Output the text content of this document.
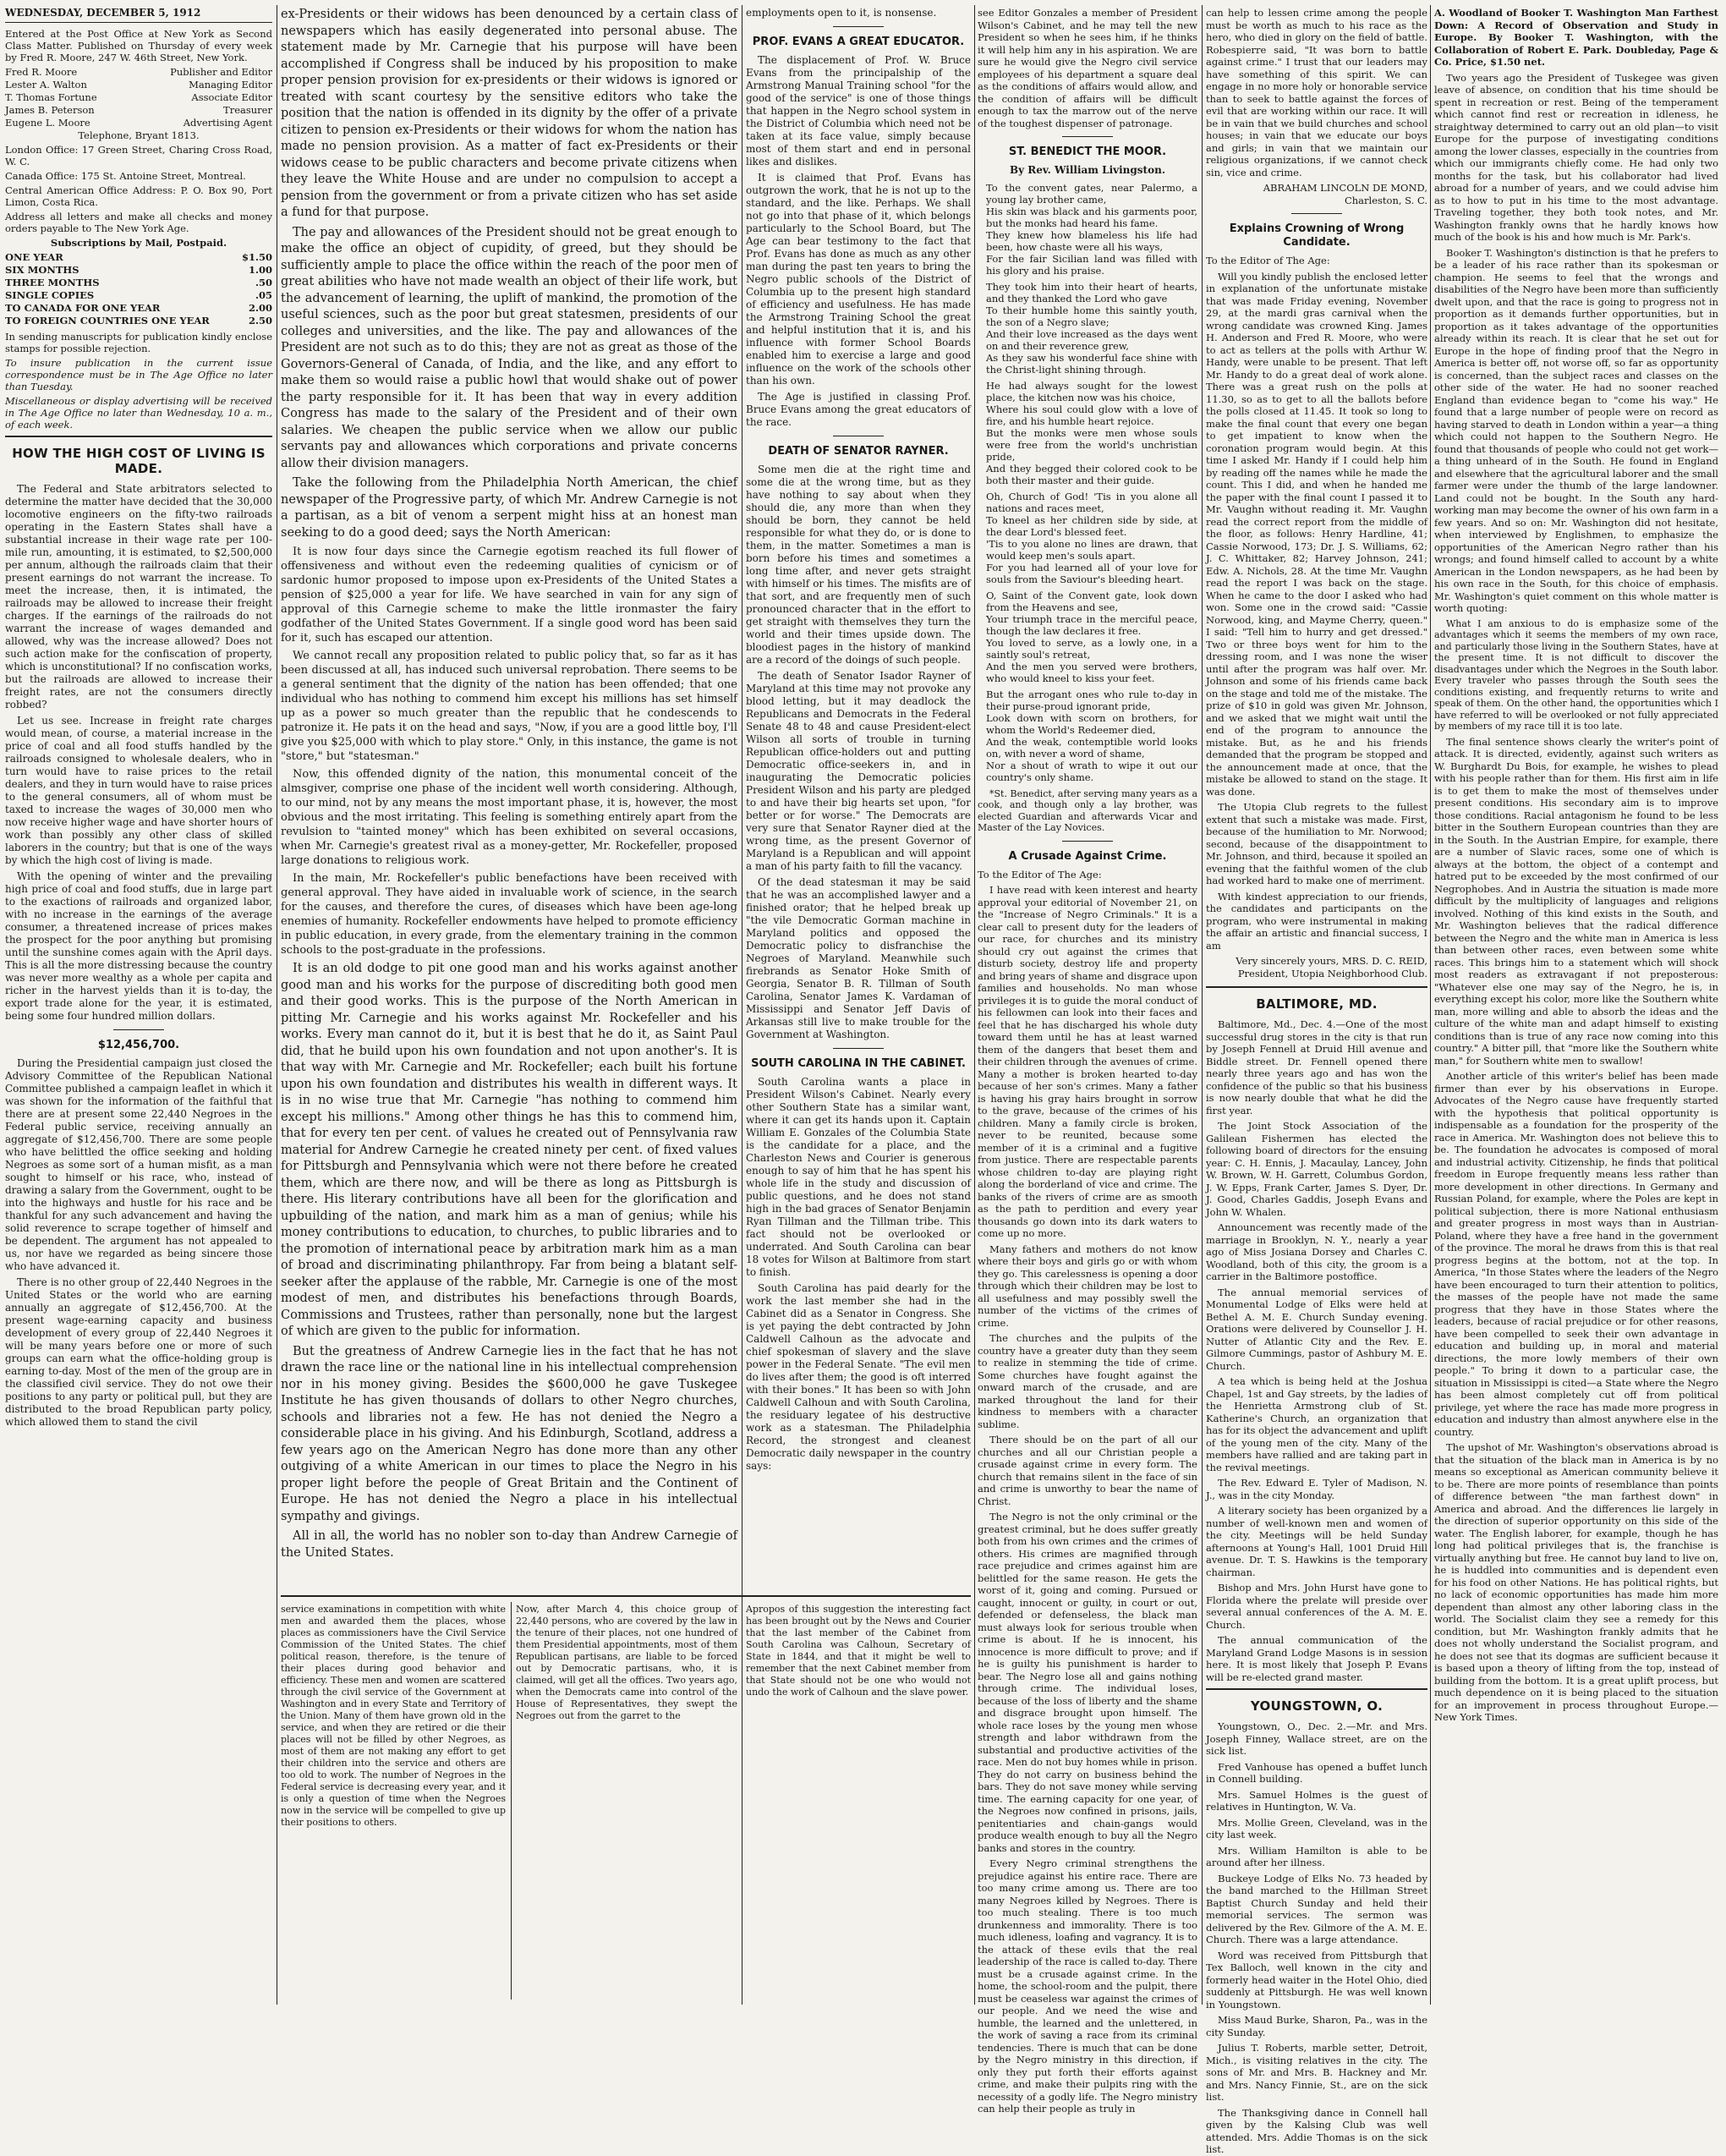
WEDNESDAY, DECEMBER 5, 1912

Entered at the Post Office at New York as Second Class Matter. Published on Thursday of every week by Fred R. Moore, 247 W. 46th Street, New York.

Fred R. Moore	Publisher and Editor
Lester A. Walton	Managing Editor
T. Thomas Fortune	Associate Editor
James B. Peterson	Treasurer
Eugene L. Moore	Advertising Agent

Telephone, Bryant 1813.

London Office: 17 Green Street, Charing Cross Road, W. C.

Canada Office: 175 St. Antoine Street, Montreal.

Central American Office Address: P. O. Box 90, Port Limon, Costa Rica.

Address all letters and make all checks and money orders payable to The New York Age.

Subscriptions by Mail, Postpaid.

ONE YEAR	$1.50
SIX MONTHS	1.00
THREE MONTHS	.50
SINGLE COPIES	.05
TO CANADA FOR ONE YEAR	2.00
TO FOREIGN COUNTRIES ONE YEAR	2.50

In sending manuscripts for publication kindly enclose stamps for possible rejection.

To insure publication in the current issue correspondence must be in The Age Office no later than Tuesday.

Miscellaneous or display advertising will be received in The Age Office no later than Wednesday, 10 a. m., of each week.

HOW THE HIGH COST OF LIVING IS MADE.

The Federal and State arbitrators selected to determine the matter have decided that the 30,000 locomotive engineers on the fifty-two railroads operating in the Eastern States shall have a substantial increase in their wage rate per 100-mile run, amounting, it is estimated, to $2,500,000 per annum, although the railroads claim that their present earnings do not warrant the increase. To meet the increase, then, it is intimated, the railroads may be allowed to increase their freight charges. If the earnings of the railroads do not warrant the increase of wages demanded and allowed, why was the increase allowed? Does not such action make for the confiscation of property, which is unconstitutional? If no confiscation works, but the railroads are allowed to increase their freight rates, are not the consumers directly robbed?

Let us see. Increase in freight rate charges would mean, of course, a material increase in the price of coal and all food stuffs handled by the railroads consigned to wholesale dealers, who in turn would have to raise prices to the retail dealers, and they in turn would have to raise prices to the general consumers, all of whom must be taxed to increase the wages of 30,000 men who now receive higher wage and have shorter hours of work than possibly any other class of skilled laborers in the country; but that is one of the ways by which the high cost of living is made.

With the opening of winter and the prevailing high price of coal and food stuffs, due in large part to the exactions of railroads and organized labor, with no increase in the earnings of the average consumer, a threatened increase of prices makes the prospect for the poor anything but promising until the sunshine comes again with the April days. This is all the more distressing because the country was never more wealthy as a whole per capita and richer in the harvest yields than it is to-day, the export trade alone for the year, it is estimated, being some four hundred million dollars.

$12,456,700.

During the Presidential campaign just closed the Advisory Committee of the Republican National Committee published a campaign leaflet in which it was shown for the information of the faithful that there are at present some 22,440 Negroes in the Federal public service, receiving annually an aggregate of $12,456,700. There are some people who have belittled the office seeking and holding Negroes as some sort of a human misfit, as a man sought to himself or his race, who, instead of drawing a salary from the Government, ought to be into the highways and hustle for his race and be thankful for any such advancement and having the solid reverence to scrape together of himself and be dependent. The argument has not appealed to us, nor have we regarded as being sincere those who have advanced it.

There is no other group of 22,440 Negroes in the United States or the world who are earning annually an aggregate of $12,456,700. At the present wage-earning capacity and business development of every group of 22,440 Negroes it will be many years before one or more of such groups can earn what the office-holding group is earning to-day. Most of the men of the group are in the classified civil service. They do not owe their positions to any party or political pull, but they are distributed to the broad Republican party policy, which allowed them to stand the civil

ex-Presidents or their widows has been denounced by a certain class of newspapers which has easily degenerated into personal abuse. The statement made by Mr. Carnegie that his purpose will have been accomplished if Congress shall be induced by his proposition to make proper pension provision for ex-presidents or their widows is ignored or treated with scant courtesy by the sensitive editors who take the position that the nation is offended in its dignity by the offer of a private citizen to pension ex-Presidents or their widows for whom the nation has made no pension provision. As a matter of fact ex-Presidents or their widows cease to be public characters and become private citizens when they leave the White House and are under no compulsion to accept a pension from the government or from a private citizen who has set aside a fund for that purpose.

The pay and allowances of the President should not be great enough to make the office an object of cupidity, of greed, but they should be sufficiently ample to place the office within the reach of the poor men of great abilities who have not made wealth an object of their life work, but the advancement of learning, the uplift of mankind, the promotion of the useful sciences, such as the poor but great statesmen, presidents of our colleges and universities, and the like. The pay and allowances of the President are not such as to do this; they are not as great as those of the Governors-General of Canada, of India, and the like, and any effort to make them so would raise a public howl that would shake out of power the party responsible for it. It has been that way in every addition Congress has made to the salary of the President and of their own salaries. We cheapen the public service when we allow our public servants pay and allowances which corporations and private concerns allow their division managers.

Take the following from the Philadelphia North American, the chief newspaper of the Progressive party, of which Mr. Andrew Carnegie is not a partisan, as a bit of venom a serpent might hiss at an honest man seeking to do a good deed; says the North American:

It is now four days since the Carnegie egotism reached its full flower of offensiveness and without even the redeeming qualities of cynicism or of sardonic humor proposed to impose upon ex-Presidents of the United States a pension of $25,000 a year for life. We have searched in vain for any sign of approval of this Carnegie scheme to make the little ironmaster the fairy godfather of the United States Government. If a single good word has been said for it, such has escaped our attention.

We cannot recall any proposition related to public policy that, so far as it has been discussed at all, has induced such universal reprobation. There seems to be a general sentiment that the dignity of the nation has been offended; that one individual who has nothing to commend him except his millions has set himself up as a power so much greater than the republic that he condescends to patronize it. He pats it on the head and says, "Now, if you are a good little boy, I'll give you $25,000 with which to play store." Only, in this instance, the game is not "store," but "statesman."

Now, this offended dignity of the nation, this monumental conceit of the almsgiver, comprise one phase of the incident well worth considering. Although, to our mind, not by any means the most important phase, it is, however, the most obvious and the most irritating. This feeling is something entirely apart from the revulsion to "tainted money" which has been exhibited on several occasions, when Mr. Carnegie's greatest rival as a money-getter, Mr. Rockefeller, proposed large donations to religious work.

In the main, Mr. Rockefeller's public benefactions have been received with general approval. They have aided in invaluable work of science, in the search for the causes, and therefore the cures, of diseases which have been age-long enemies of humanity. Rockefeller endowments have helped to promote efficiency in public education, in every grade, from the elementary training in the common schools to the post-graduate in the professions.

It is an old dodge to pit one good man and his works against another good man and his works for the purpose of discrediting both good men and their good works. This is the purpose of the North American in pitting Mr. Carnegie and his works against Mr. Rockefeller and his works. Every man cannot do it, but it is best that he do it, as Saint Paul did, that he build upon his own foundation and not upon another's. It is that way with Mr. Carnegie and Mr. Rockefeller; each built his fortune upon his own foundation and distributes his wealth in different ways. It is in no wise true that Mr. Carnegie "has nothing to commend him except his millions." Among other things he has this to commend him, that for every ten per cent. of values he created out of Pennsylvania raw material for Andrew Carnegie he created ninety per cent. of fixed values for Pittsburgh and Pennsylvania which were not there before he created them, which are there now, and will be there as long as Pittsburgh is there. His literary contributions have all been for the glorification and upbuilding of the nation, and mark him as a man of genius; while his money contributions to education, to churches, to public libraries and to the promotion of international peace by arbitration mark him as a man of broad and discriminating philanthropy. Far from being a blatant self-seeker after the applause of the rabble, Mr. Carnegie is one of the most modest of men, and distributes his benefactions through Boards, Commissions and Trustees, rather than personally, none but the largest of which are given to the public for information.

But the greatness of Andrew Carnegie lies in the fact that he has not drawn the race line or the national line in his intellectual comprehension nor in his money giving. Besides the $600,000 he gave Tuskegee Institute he has given thousands of dollars to other Negro churches, schools and libraries not a few. He has not denied the Negro a considerable place in his giving. And his Edinburgh, Scotland, address a few years ago on the American Negro has done more than any other outgiving of a white American in our times to place the Negro in his proper light before the people of Great Britain and the Continent of Europe. He has not denied the Negro a place in his intellectual sympathy and givings.

All in all, the world has no nobler son to-day than Andrew Carnegie of the United States.

service examinations in competition with white men and awarded them the places, whose places as commissioners have the Civil Service Commission of the United States. The chief political reason, therefore, is the tenure of their places during good behavior and efficiency. These men and women are scattered through the civil service of the Government at Washington and in every State and Territory of the Union. Many of them have grown old in the service, and when they are retired or die their places will not be filled by other Negroes, as most of them are not making any effort to get their children into the service and others are too old to work. The number of Negroes in the Federal service is decreasing every year, and it is only a question of time when the Negroes now in the service will be compelled to give up their positions to others.
Now, after March 4, this choice group of 22,440 persons, who are covered by the law in the tenure of their places, not one hundred of them Presidential appointments, most of them Republican partisans, are liable to be forced out by Democratic partisans, who, it is claimed, will get all the offices. Two years ago, when the Democrats came into control of the House of Representatives, they swept the Negroes out from the garret to the

employments open to it, is nonsense.

PROF. EVANS A GREAT EDUCATOR.

The displacement of Prof. W. Bruce Evans from the principalship of the Armstrong Manual Training school "for the good of the service" is one of those things that happen in the Negro school system in the District of Columbia which need not be taken at its face value, simply because most of them start and end in personal likes and dislikes.

It is claimed that Prof. Evans has outgrown the work, that he is not up to the standard, and the like. Perhaps. We shall not go into that phase of it, which belongs particularly to the School Board, but The Age can bear testimony to the fact that Prof. Evans has done as much as any other man during the past ten years to bring the Negro public schools of the District of Columbia up to the present high standard of efficiency and usefulness. He has made the Armstrong Training School the great and helpful institution that it is, and his influence with former School Boards enabled him to exercise a large and good influence on the work of the schools other than his own.

The Age is justified in classing Prof. Bruce Evans among the great educators of the race.

DEATH OF SENATOR RAYNER.

Some men die at the right time and some die at the wrong time, but as they have nothing to say about when they should die, any more than when they should be born, they cannot be held responsible for what they do, or is done to them, in the matter. Sometimes a man is born before his times and sometimes a long time after, and never gets straight with himself or his times. The misfits are of that sort, and are frequently men of such pronounced character that in the effort to get straight with themselves they turn the world and their times upside down. The bloodiest pages in the history of mankind are a record of the doings of such people.

The death of Senator Isador Rayner of Maryland at this time may not provoke any blood letting, but it may deadlock the Republicans and Democrats in the Federal Senate 48 to 48 and cause President-elect Wilson all sorts of trouble in turning Republican office-holders out and putting Democratic office-seekers in, and in inaugurating the Democratic policies President Wilson and his party are pledged to and have their big hearts set upon, "for better or for worse." The Democrats are very sure that Senator Rayner died at the wrong time, as the present Governor of Maryland is a Republican and will appoint a man of his party faith to fill the vacancy.

Of the dead statesman it may be said that he was an accomplished lawyer and a finished orator; that he helped break up "the vile Democratic Gorman machine in Maryland politics and opposed the Democratic policy to disfranchise the Negroes of Maryland. Meanwhile such firebrands as Senator Hoke Smith of Georgia, Senator B. R. Tillman of South Carolina, Senator James K. Vardaman of Mississippi and Senator Jeff Davis of Arkansas still live to make trouble for the Government at Washington.

SOUTH CAROLINA IN THE CABINET.

South Carolina wants a place in President Wilson's Cabinet. Nearly every other Southern State has a similar want, where it can get its hands upon it. Captain William E. Gonzales of the Columbia State is the candidate for a place, and the Charleston News and Courier is generous enough to say of him that he has spent his whole life in the study and discussion of public questions, and he does not stand high in the bad graces of Senator Benjamin Ryan Tillman and the Tillman tribe. This fact should not be overlooked or underrated. And South Carolina can bear 18 votes for Wilson at Baltimore from start to finish.

South Carolina has paid dearly for the work the last member she had in the Cabinet did as a Senator in Congress. She is yet paying the debt contracted by John Caldwell Calhoun as the advocate and chief spokesman of slavery and the slave power in the Federal Senate. "The evil men do lives after them; the good is oft interred with their bones." It has been so with John Caldwell Calhoun and with South Carolina, the residuary legatee of his destructive work as a statesman. The Philadelphia Record, the strongest and cleanest Democratic daily newspaper in the country says:

Apropos of this suggestion the interesting fact has been brought out by the News and Courier that the last member of the Cabinet from South Carolina was Calhoun, Secretary of State in 1844, and that it might be well to remember that the next Cabinet member from that State should not be one who would not undo the work of Calhoun and the slave power.

see Editor Gonzales a member of President Wilson's Cabinet, and he may tell the new President so when he sees him, if he thinks it will help him any in his aspiration. We are sure he would give the Negro civil service employees of his department a square deal as the conditions of affairs would allow, and the condition of affairs will be difficult enough to tax the marrow out of the nerve of the toughest dispenser of patronage.

ST. BENEDICT THE MOOR.
By Rev. William Livingston.
To the convent gates, near Palermo, a young lay brother came,
His skin was black and his garments poor, but the monks had heard his fame.
They knew how blameless his life had been, how chaste were all his ways,
For the fair Sicilian land was filled with his glory and his praise.
They took him into their heart of hearts, and they thanked the Lord who gave
To their humble home this saintly youth, the son of a Negro slave;
And their love increased as the days went on and their reverence grew,
As they saw his wonderful face shine with the Christ-light shining through.
He had always sought for the lowest place, the kitchen now was his choice,
Where his soul could glow with a love of fire, and his humble heart rejoice.
But the monks were men whose souls were free from the world's unchristian pride,
And they begged their colored cook to be both their master and their guide.
Oh, Church of God! 'Tis in you alone all nations and races meet,
To kneel as her children side by side, at the dear Lord's blessed feet.
'Tis to you alone no lines are drawn, that would keep men's souls apart.
For you had learned all of your love for souls from the Saviour's bleeding heart.
O, Saint of the Convent gate, look down from the Heavens and see,
Your triumph trace in the merciful peace, though the law declares it free.
You loved to serve, as a lowly one, in a saintly soul's retreat,
And the men you served were brothers, who would kneel to kiss your feet.
But the arrogant ones who rule to-day in their purse-proud ignorant pride,
Look down with scorn on brothers, for whom the World's Redeemer died,
And the weak, contemptible world looks on, with never a word of shame,
Nor a shout of wrath to wipe it out our country's only shame.

*St. Benedict, after serving many years as a cook, and though only a lay brother, was elected Guardian and afterwards Vicar and Master of the Lay Novices.

A Crusade Against Crime.

To the Editor of The Age:

I have read with keen interest and hearty approval your editorial of November 21, on the "Increase of Negro Criminals." It is a clear call to present duty for the leaders of our race, for churches and its ministry should cry out against the crimes that disturb society, destroy life and property and bring years of shame and disgrace upon families and households. No man whose privileges it is to guide the moral conduct of his fellowmen can look into their faces and feel that he has discharged his whole duty toward them until he has at least warned them of the dangers that beset them and their children through the avenues of crime. Many a mother is broken hearted to-day because of her son's crimes. Many a father is having his gray hairs brought in sorrow to the grave, because of the crimes of his children. Many a family circle is broken, never to be reunited, because some member of it is a criminal and a fugitive from justice. There are respectable parents whose children to-day are playing right along the borderland of vice and crime. The banks of the rivers of crime are as smooth as the path to perdition and every year thousands go down into its dark waters to come up no more.

Many fathers and mothers do not know where their boys and girls go or with whom they go. This carelessness is opening a door through which their children may be lost to all usefulness and may possibly swell the number of the victims of the crimes of crime.

The churches and the pulpits of the country have a greater duty than they seem to realize in stemming the tide of crime. Some churches have fought against the onward march of the crusade, and are marked throughout the land for their kindness to members with a character sublime.

There should be on the part of all our churches and all our Christian people a crusade against crime in every form. The church that remains silent in the face of sin and crime is unworthy to bear the name of Christ.

The Negro is not the only criminal or the greatest criminal, but he does suffer greatly both from his own crimes and the crimes of others. His crimes are magnified through race prejudice and crimes against him are belittled for the same reason. He gets the worst of it, going and coming. Pursued or caught, innocent or guilty, in court or out, defended or defenseless, the black man must always look for serious trouble when crime is about. If he is innocent, his innocence is more difficult to prove; and if he is guilty his punishment is harder to bear. The Negro lose all and gains nothing through crime. The individual loses, because of the loss of liberty and the shame and disgrace brought upon himself. The whole race loses by the young men whose strength and labor withdrawn from the substantial and productive activities of the race. Men do not buy homes while in prison. They do not carry on business behind the bars. They do not save money while serving time. The earning capacity for one year, of the Negroes now confined in prisons, jails, penitentiaries and chain-gangs would produce wealth enough to buy all the Negro banks and stores in the country.

Every Negro criminal strengthens the prejudice against his entire race. There are too many crime among us. There are too many Negroes killed by Negroes. There is too much stealing. There is too much drunkenness and immorality. There is too much idleness, loafing and vagrancy. It is to the attack of these evils that the real leadership of the race is called to-day. There must be a crusade against crime. In the home, the school-room and the pulpit, there must be ceaseless war against the crimes of our people. And we need the wise and humble, the learned and the unlettered, in the work of saving a race from its criminal tendencies. There is much that can be done by the Negro ministry in this direction, if only they put forth their efforts against crime, and make their pulpits ring with the necessity of a godly life. The Negro ministry can help their people as truly in

can help to lessen crime among the people must be worth as much to his race as the hero, who died in glory on the field of battle. Robespierre said, "It was born to battle against crime." I trust that our leaders may have something of this spirit. We can engage in no more holy or honorable service than to seek to battle against the forces of evil that are working within our race. It will be in vain that we build churches and school houses; in vain that we educate our boys and girls; in vain that we maintain our religious organizations, if we cannot check sin, vice and crime.

ABRAHAM LINCOLN DE MOND, Charleston, S. C.
Explains Crowning of Wrong Candidate.

To the Editor of The Age:

Will you kindly publish the enclosed letter in explanation of the unfortunate mistake that was made Friday evening, November 29, at the mardi gras carnival when the wrong candidate was crowned King. James H. Anderson and Fred R. Moore, who were to act as tellers at the polls with Arthur W. Handy, were unable to be present. That left Mr. Handy to do a great deal of work alone. There was a great rush on the polls at 11.30, so as to get to all the ballots before the polls closed at 11.45. It took so long to make the final count that every one began to get impatient to know when the coronation program would begin. At this time I asked Mr. Handy if I could help him by reading off the names while he made the count. This I did, and when he handed me the paper with the final count I passed it to Mr. Vaughn without reading it. Mr. Vaughn read the correct report from the middle of the floor, as follows: Henry Hardline, 41; Cassie Norwood, 173; Dr. J. S. Williams, 62; J. C. Whittaker, 82; Harvey Johnson, 241; Edw. A. Nichols, 28. At the time Mr. Vaughn read the report I was back on the stage. When he came to the door I asked who had won. Some one in the crowd said: "Cassie Norwood, king, and Mayme Cherry, queen." I said: "Tell him to hurry and get dressed." Two or three boys went for him to the dressing room, and I was none the wiser until after the program was half over. Mr. Johnson and some of his friends came back on the stage and told me of the mistake. The prize of $10 in gold was given Mr. Johnson, and we asked that we might wait until the end of the program to announce the mistake. But, as he and his friends demanded that the program be stopped and the announcement made at once, that the mistake be allowed to stand on the stage. It was done.

The Utopia Club regrets to the fullest extent that such a mistake was made. First, because of the humiliation to Mr. Norwood; second, because of the disappointment to Mr. Johnson, and third, because it spoiled an evening that the faithful women of the club had worked hard to make one of merriment.

With kindest appreciation to our friends, the candidates and participants on the program, who were instrumental in making the affair an artistic and financial success, I am

Very sincerely yours, MRS. D. C. REID, President, Utopia Neighborhood Club.
BALTIMORE, MD.

Baltimore, Md., Dec. 4.—One of the most successful drug stores in the city is that run by Joseph Fennell at Druid Hill avenue and Biddle street. Dr. Fennell opened there nearly three years ago and has won the confidence of the public so that his business is now nearly double that what he did the first year.

The Joint Stock Association of the Galilean Fishermen has elected the following board of directors for the ensuing year: C. H. Ennis, J. Macaulay, Lancey, John W. Brown, W. H. Garrett, Columbus Gordon, J. W. Epps, Frank Carter, James S. Dyer, Dr. J. Good, Charles Gaddis, Joseph Evans and John W. Whalen.

Announcement was recently made of the marriage in Brooklyn, N. Y., nearly a year ago of Miss Josiana Dorsey and Charles C. Woodland, both of this city, the groom is a carrier in the Baltimore postoffice.

The annual memorial services of Monumental Lodge of Elks were held at Bethel A. M. E. Church Sunday evening. Orations were delivered by Counsellor J. H. Nutter of Atlantic City and the Rev. E. Gilmore Cummings, pastor of Ashbury M. E. Church.

A tea which is being held at the Joshua Chapel, 1st and Gay streets, by the ladies of the Henrietta Armstrong club of St. Katherine's Church, an organization that has for its object the advancement and uplift of the young men of the city. Many of the members have rallied and are taking part in the revival meetings.

The Rev. Edward E. Tyler of Madison, N. J., was in the city Monday.

A literary society has been organized by a number of well-known men and women of the city. Meetings will be held Sunday afternoons at Young's Hall, 1001 Druid Hill avenue. Dr. T. S. Hawkins is the temporary chairman.

Bishop and Mrs. John Hurst have gone to Florida where the prelate will preside over several annual conferences of the A. M. E. Church.

The annual communication of the Maryland Grand Lodge Masons is in session here. It is most likely that Joseph P. Evans will be re-elected grand master.

YOUNGSTOWN, O.

Youngstown, O., Dec. 2.—Mr. and Mrs. Joseph Finney, Wallace street, are on the sick list.

Fred Vanhouse has opened a buffet lunch in Connell building.

Mrs. Samuel Holmes is the guest of relatives in Huntington, W. Va.

Mrs. Mollie Green, Cleveland, was in the city last week.

Mrs. William Hamilton is able to be around after her illness.

Buckeye Lodge of Elks No. 73 headed by the band marched to the Hillman Street Baptist Church Sunday and held their memorial services. The sermon was delivered by the Rev. Gilmore of the A. M. E. Church. There was a large attendance.

Word was received from Pittsburgh that Tex Balloch, well known in the city and formerly head waiter in the Hotel Ohio, died suddenly at Pittsburgh. He was well known in Youngstown.

Miss Maud Burke, Sharon, Pa., was in the city Sunday.

Julius T. Roberts, marble setter, Detroit, Mich., is visiting relatives in the city. The sons of Mr. and Mrs. B. Hackney and Mr. and Mrs. Nancy Finnie, St., are on the sick list.

The Thanksgiving dance in Connell hall given by the Kalsing Club was well attended. Mrs. Addie Thomas is on the sick list.

A. Woodland of Booker T. Washington Man Farthest Down: A Record of Observation and Study in Europe. By Booker T. Washington, with the Collaboration of Robert E. Park. Doubleday, Page & Co. Price, $1.50 net.

Two years ago the President of Tuskegee was given leave of absence, on condition that his time should be spent in recreation or rest. Being of the temperament which cannot find rest or recreation in idleness, he straightway determined to carry out an old plan—to visit Europe for the purpose of investigating conditions among the lower classes, especially in the countries from which our immigrants chiefly come. He had only two months for the task, but his collaborator had lived abroad for a number of years, and we could advise him as to how to put in his time to the most advantage. Traveling together, they both took notes, and Mr. Washington frankly owns that he hardly knows how much of the book is his and how much is Mr. Park's.

Booker T. Washington's distinction is that he prefers to be a leader of his race rather than its spokesman or champion. He seems to feel that the wrongs and disabilities of the Negro have been more than sufficiently dwelt upon, and that the race is going to progress not in proportion as it demands further opportunities, but in proportion as it takes advantage of the opportunities already within its reach. It is clear that he set out for Europe in the hope of finding proof that the Negro in America is better off, not worse off, so far as opportunity is concerned, than the subject races and classes on the other side of the water. He had no sooner reached England than evidence began to "come his way." He found that a large number of people were on record as having starved to death in London within a year—a thing which could not happen to the Southern Negro. He found that thousands of people who could not get work—a thing unheard of in the South. He found in England and elsewhere that the agricultural laborer and the small farmer were under the thumb of the large landowner. Land could not be bought. In the South any hard-working man may become the owner of his own farm in a few years. And so on: Mr. Washington did not hesitate, when interviewed by Englishmen, to emphasize the opportunities of the American Negro rather than his wrongs; and found himself called to account by a white American in the London newspapers, as he had been by his own race in the South, for this choice of emphasis. Mr. Washington's quiet comment on this whole matter is worth quoting:

What I am anxious to do is emphasize some of the advantages which it seems the members of my own race, and particularly those living in the Southern States, have at the present time. It is not difficult to discover the disadvantages under which the Negroes in the South labor. Every traveler who passes through the South sees the conditions existing, and frequently returns to write and speak of them. On the other hand, the opportunities which I have referred to will be overlooked or not fully appreciated by members of my race till it is too late.

The final sentence shows clearly the writer's point of attack. It is directed, evidently, against such writers as W. Burghardt Du Bois, for example, he wishes to plead with his people rather than for them. His first aim in life is to get them to make the most of themselves under present conditions. His secondary aim is to improve those conditions. Racial antagonism he found to be less bitter in the Southern European countries than they are in the South. In the Austrian Empire, for example, there are a number of Slavic races, some one of which is always at the bottom, the object of a contempt and hatred put to be exceeded by the most confirmed of our Negrophobes. And in Austria the situation is made more difficult by the multiplicity of languages and religions involved. Nothing of this kind exists in the South, and Mr. Washington believes that the radical difference between the Negro and the white man in America is less than between other races, even between some white races. This brings him to a statement which will shock most readers as extravagant if not preposterous: "Whatever else one may say of the Negro, he is, in everything except his color, more like the Southern white man, more willing and able to absorb the ideas and the culture of the white man and adapt himself to existing conditions than is true of any race now coming into this country." A bitter pill, that "more like the Southern white man," for Southern white men to swallow!

Another article of this writer's belief has been made firmer than ever by his observations in Europe. Advocates of the Negro cause have frequently started with the hypothesis that political opportunity is indispensable as a foundation for the prosperity of the race in America. Mr. Washington does not believe this to be. The foundation he advocates is composed of moral and industrial activity. Citizenship, he finds that political freedom in Europe frequently means less rather than more development in other directions. In Germany and Russian Poland, for example, where the Poles are kept in political subjection, there is more National enthusiasm and greater progress in most ways than in Austrian-Poland, where they have a free hand in the government of the province. The moral he draws from this is that real progress begins at the bottom, not at the top. In America, "In those States where the leaders of the Negro have been encouraged to turn their attention to politics, the masses of the people have not made the same progress that they have in those States where the leaders, because of racial prejudice or for other reasons, have been compelled to seek their own advantage in education and building up, in moral and material directions, the more lowly members of their own people." To bring it down to a particular case, the situation in Mississippi is cited—a State where the Negro has been almost completely cut off from political privilege, yet where the race has made more progress in education and industry than almost anywhere else in the country.

The upshot of Mr. Washington's observations abroad is that the situation of the black man in America is by no means so exceptional as American community believe it to be. There are more points of resemblance than points of difference between "the man farthest down" in America and abroad. And the differences lie largely in the direction of superior opportunity on this side of the water. The English laborer, for example, though he has long had political privileges that is, the franchise is virtually anything but free. He cannot buy land to live on, he is huddled into communities and is dependent even for his food on other Nations. He has political rights, but no lack of economic opportunities has made him more dependent than almost any other laboring class in the world. The Socialist claim they see a remedy for this condition, but Mr. Washington frankly admits that he does not wholly understand the Socialist program, and he does not see that its dogmas are sufficient because it is based upon a theory of lifting from the top, instead of building from the bottom. It is a great uplift process, but much dependence on it is being placed to the situation for an improvement in process throughout Europe.—New York Times.
